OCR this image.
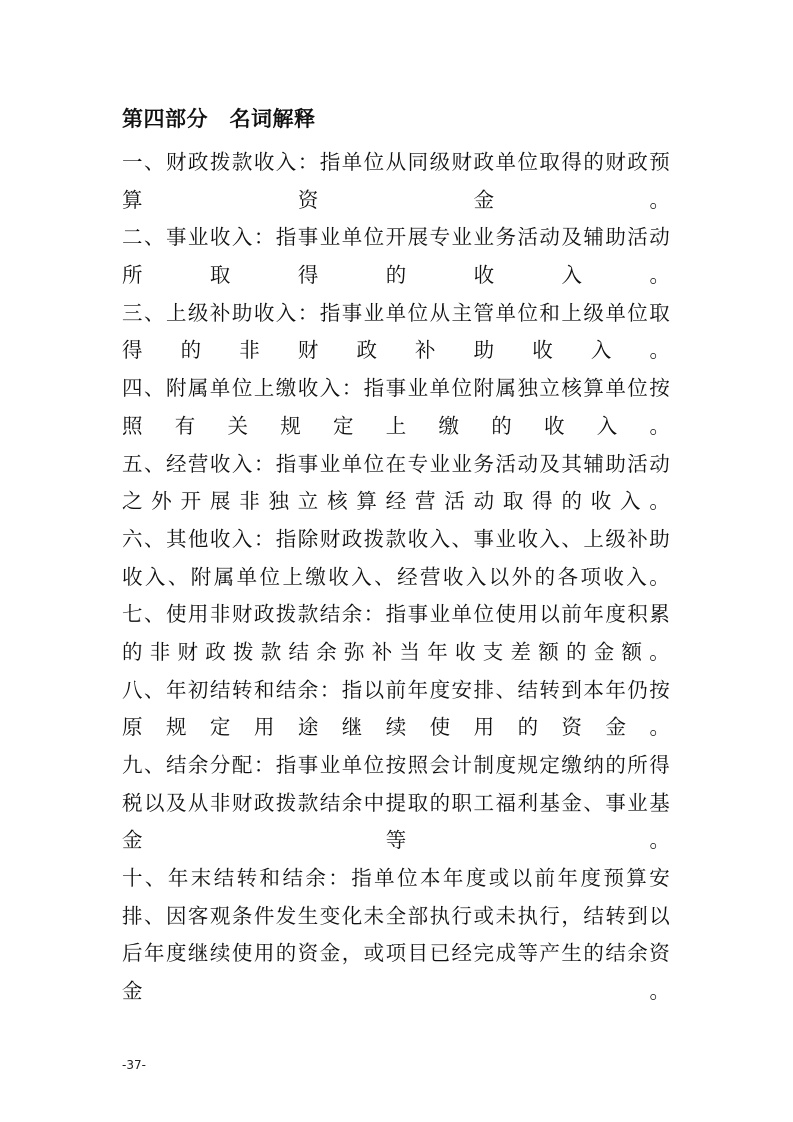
第四部分　名词解释
一 、 财 政 拨 款 收 入 ： 指 单 位 从 同 级 财 政 单 位 取 得 的 财 政 预
算	资	金	。
二 、 事 业 收 入 ： 指 事 业 单 位 开 展 专 业 业 务 活 动 及 辅 助 活 动
所	取	得	的	收	入	。
三 、 上 级 补 助 收 入 ： 指 事 业 单 位 从 主 管 单 位 和 上 级 单 位 取
得 的 非 财 政 补 助 收 入 。
四 、 附 属 单 位 上 缴 收 入 ： 指 事 业 单 位 附 属 独 立 核 算 单 位 按
照 有 关 规 定 上 缴 的 收 入 。
五 、 经 营 收 入 ： 指 事 业 单 位 在 专 业 业 务 活 动 及 其 辅 助 活 动
之 外 开 展 非 独 立 核 算 经 营 活 动 取 得 的 收 入 。
六 、 其 他 收 入 ： 指 除 财 政 拨 款 收 入 、 事 业 收 入 、 上 级 补 助
收 入 、 附 属 单 位 上 缴 收 入 、 经 营 收 入 以 外 的 各 项 收 入 。
七 、 使 用 非 财 政 拨 款 结 余 ： 指 事 业 单 位 使 用 以 前 年 度 积 累
的 非 财 政 拨 款 结 余 弥 补 当 年 收 支 差 额 的 金 额 。
八 、 年 初 结 转 和 结 余 ： 指 以 前 年 度 安 排 、 结 转 到 本 年 仍 按
原 规 定 用 途 继 续 使 用 的 资 金 。
九 、 结 余 分 配 ： 指 事 业 单 位 按 照 会 计 制 度 规 定 缴 纳 的 所 得
税 以 及 从 非 财 政 拨 款 结 余 中 提 取 的 职 工 福 利 基 金 、 事 业 基
金	等	。
十 、 年 末 结 转 和 结 余 ： 指 单 位 本 年 度 或 以 前 年 度 预 算 安
排 、 因 客 观 条 件 发 生 变 化 未 全 部 执 行 或 未 执 行 ， 结 转 到 以
后 年 度 继 续 使 用 的 资 金 ， 或 项 目 已 经 完 成 等 产 生 的 结 余 资
金	。
-37-
